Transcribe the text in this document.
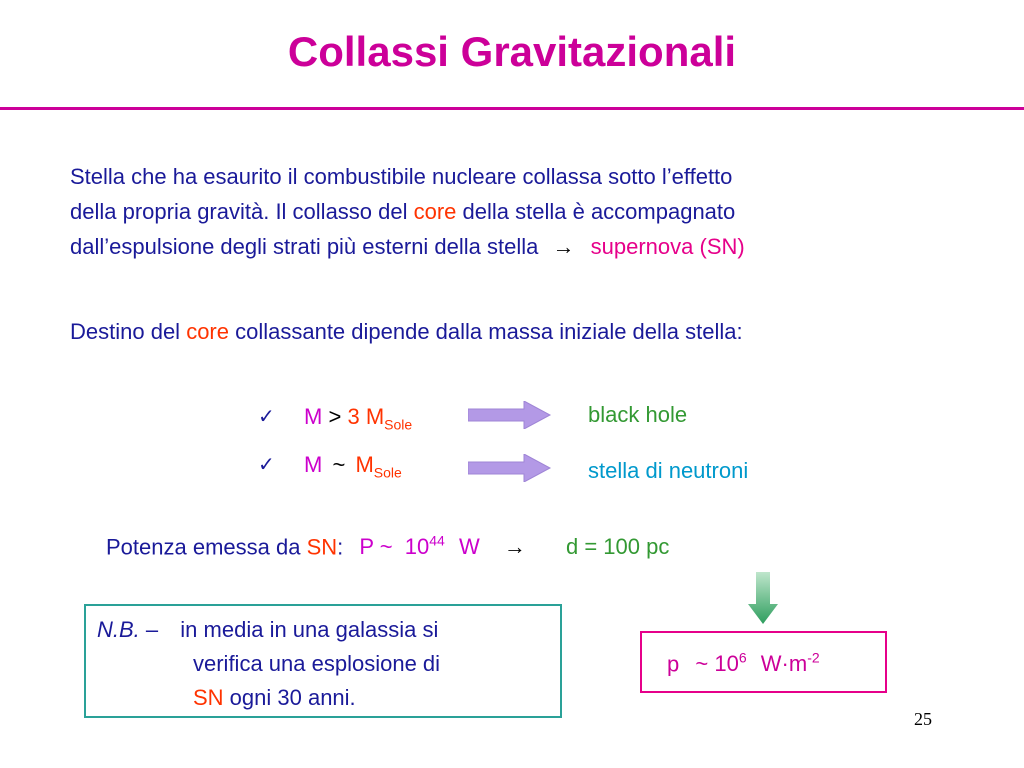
Collassi Gravitazionali
Stella che ha esaurito il combustibile nucleare collassa sotto l’effetto
della propria gravità. Il collasso del core della stella è accompagnato
dall’espulsione degli strati più esterni della stella → supernova (SN)
Destino del core collassante dipende dalla massa iniziale della stella:
✓ M > 3 $M_{Sole}$	black hole
✓ M ~ $M_{Sole}$	stella di neutroni
Potenza emessa da SN: P ~ $10^{44}$ W → d = 100 pc
N.B. – in media in una galassia si
verifica una esplosione di
SN ogni 30 anni.
p ~ $10^6$ $W\cdot m^{-2}$
25
